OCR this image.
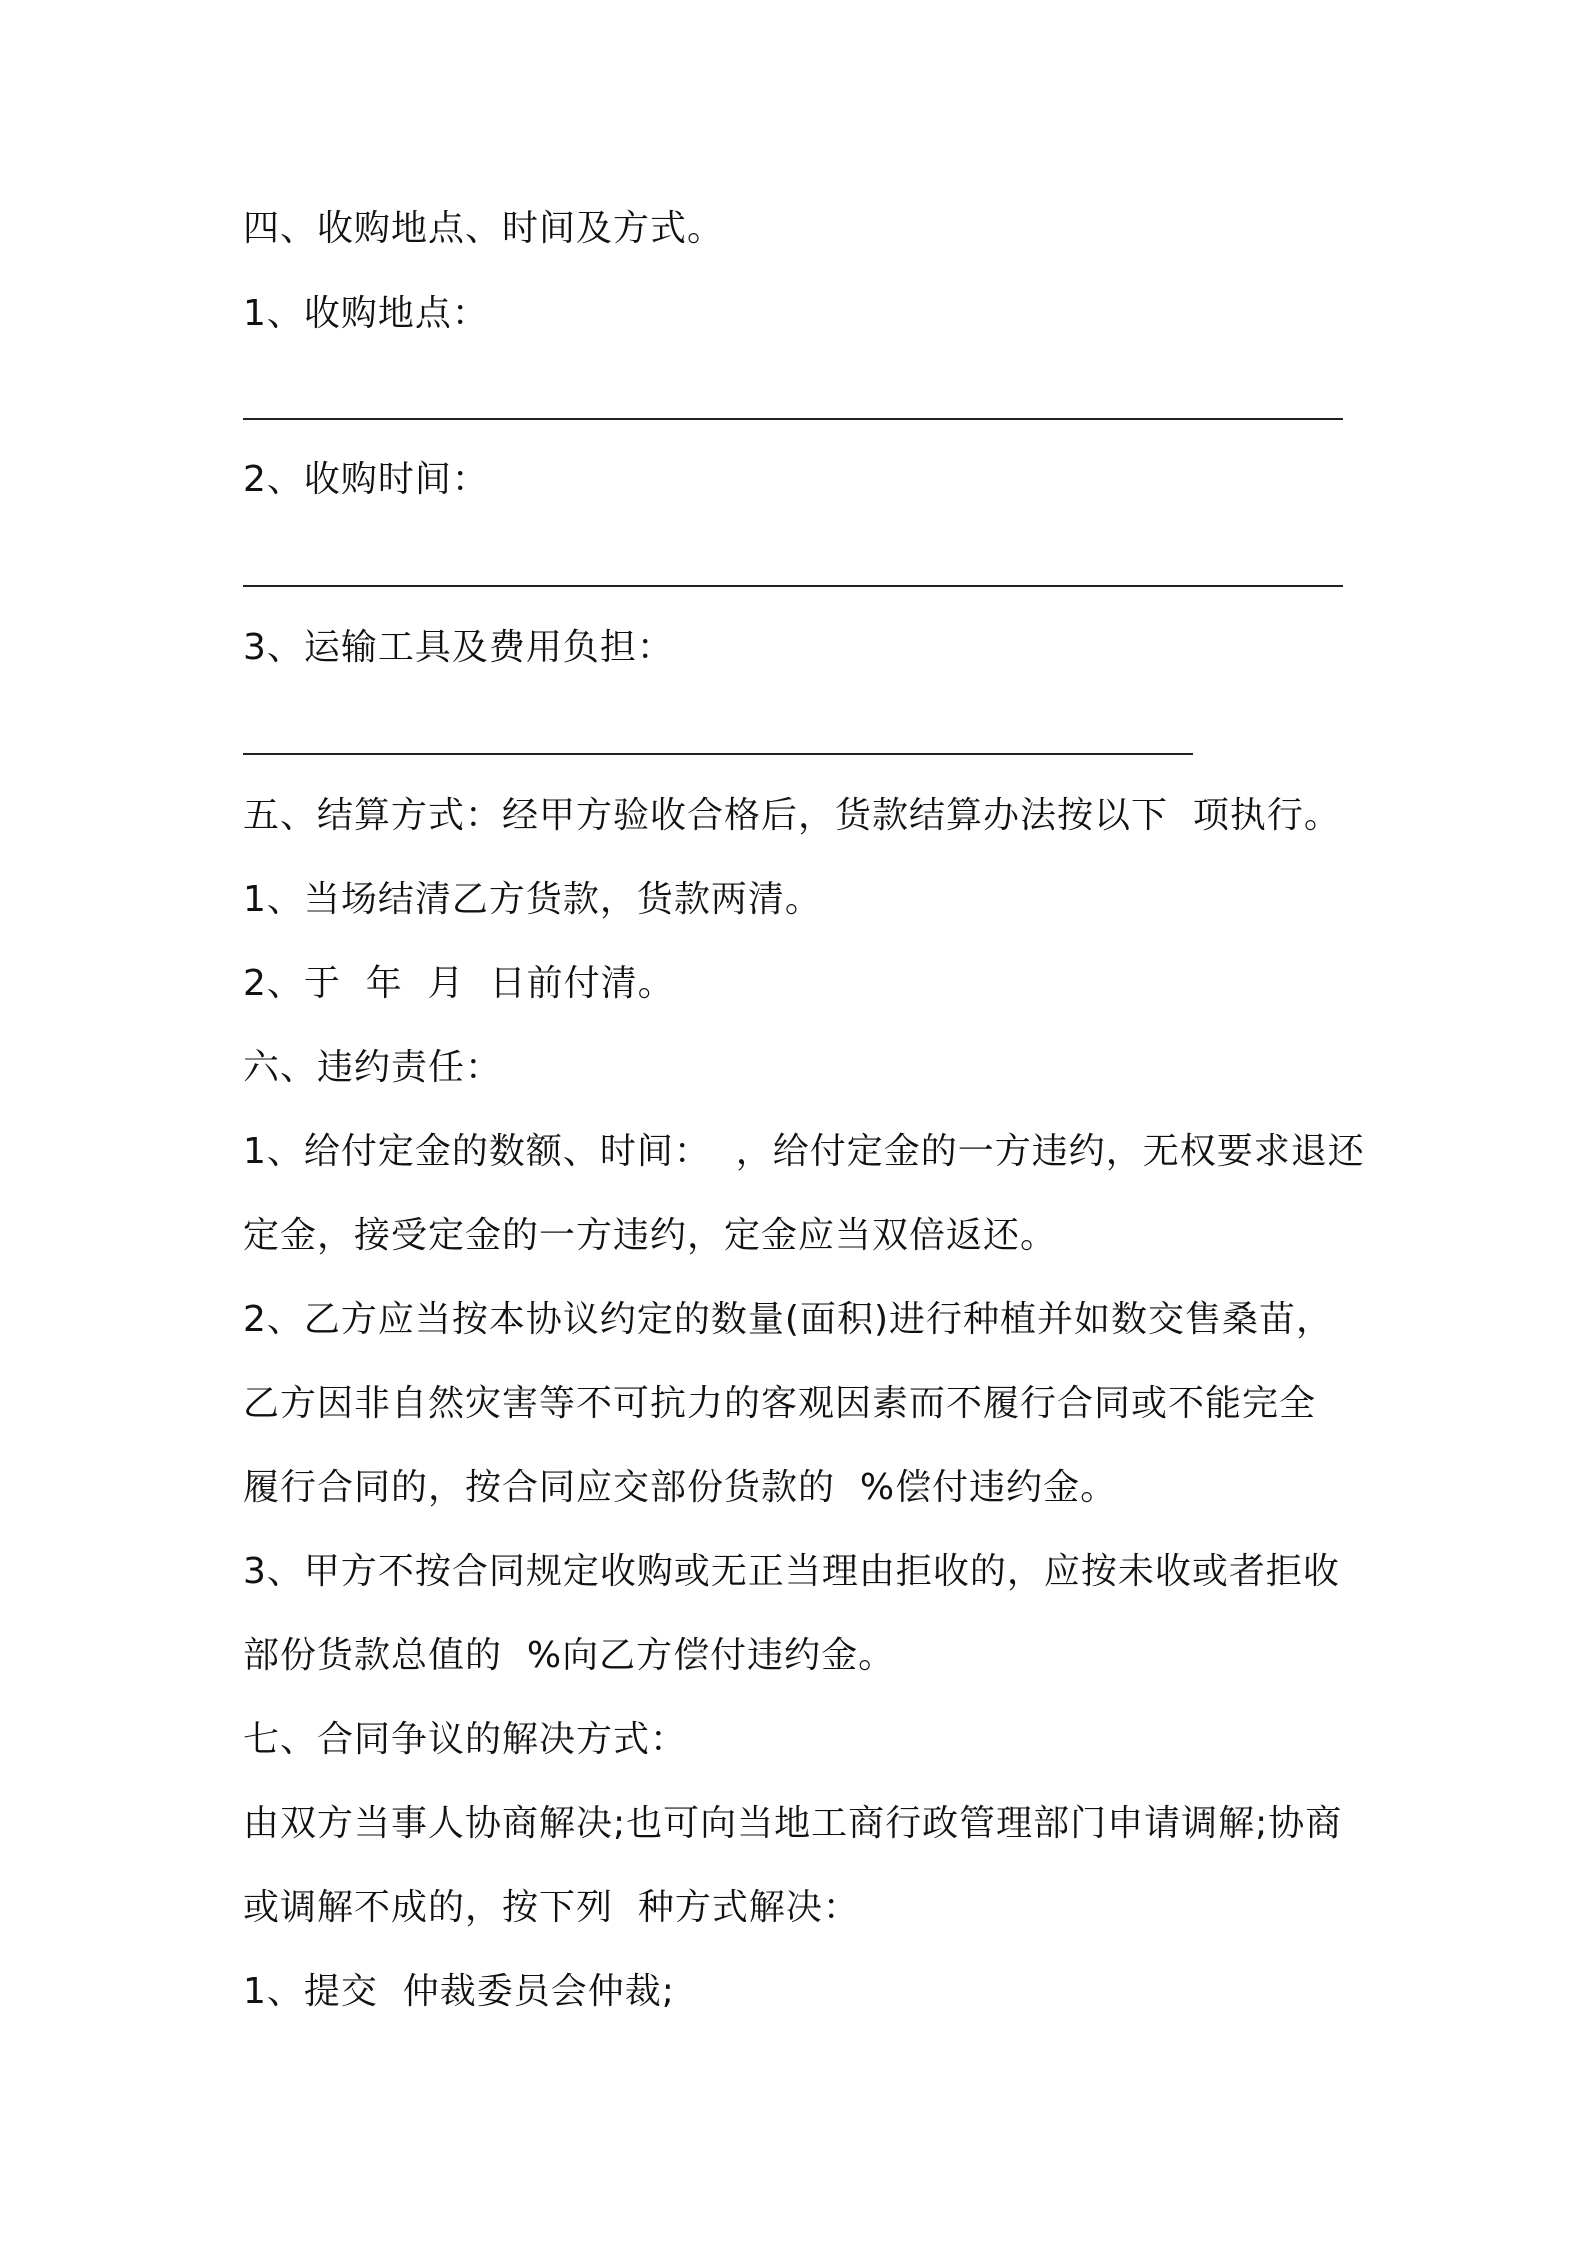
四、收购地点、时间及方式。
1、收购地点：
2、收购时间：
3、运输工具及费用负担：
五、结算方式：经甲方验收合格后，货款结算办法按以下  项执行。
1、当场结清乙方货款，货款两清。
2、于  年  月  日前付清。
六、违约责任：
1、给付定金的数额、时间：  ，给付定金的一方违约，无权要求退还
定金，接受定金的一方违约，定金应当双倍返还。
2、乙方应当按本协议约定的数量(面积)进行种植并如数交售桑苗，
乙方因非自然灾害等不可抗力的客观因素而不履行合同或不能完全
履行合同的，按合同应交部份货款的  %偿付违约金。
3、甲方不按合同规定收购或无正当理由拒收的，应按未收或者拒收
部份货款总值的  %向乙方偿付违约金。
七、合同争议的解决方式：
由双方当事人协商解决;也可向当地工商行政管理部门申请调解;协商
或调解不成的，按下列  种方式解决：
1、提交  仲裁委员会仲裁;
